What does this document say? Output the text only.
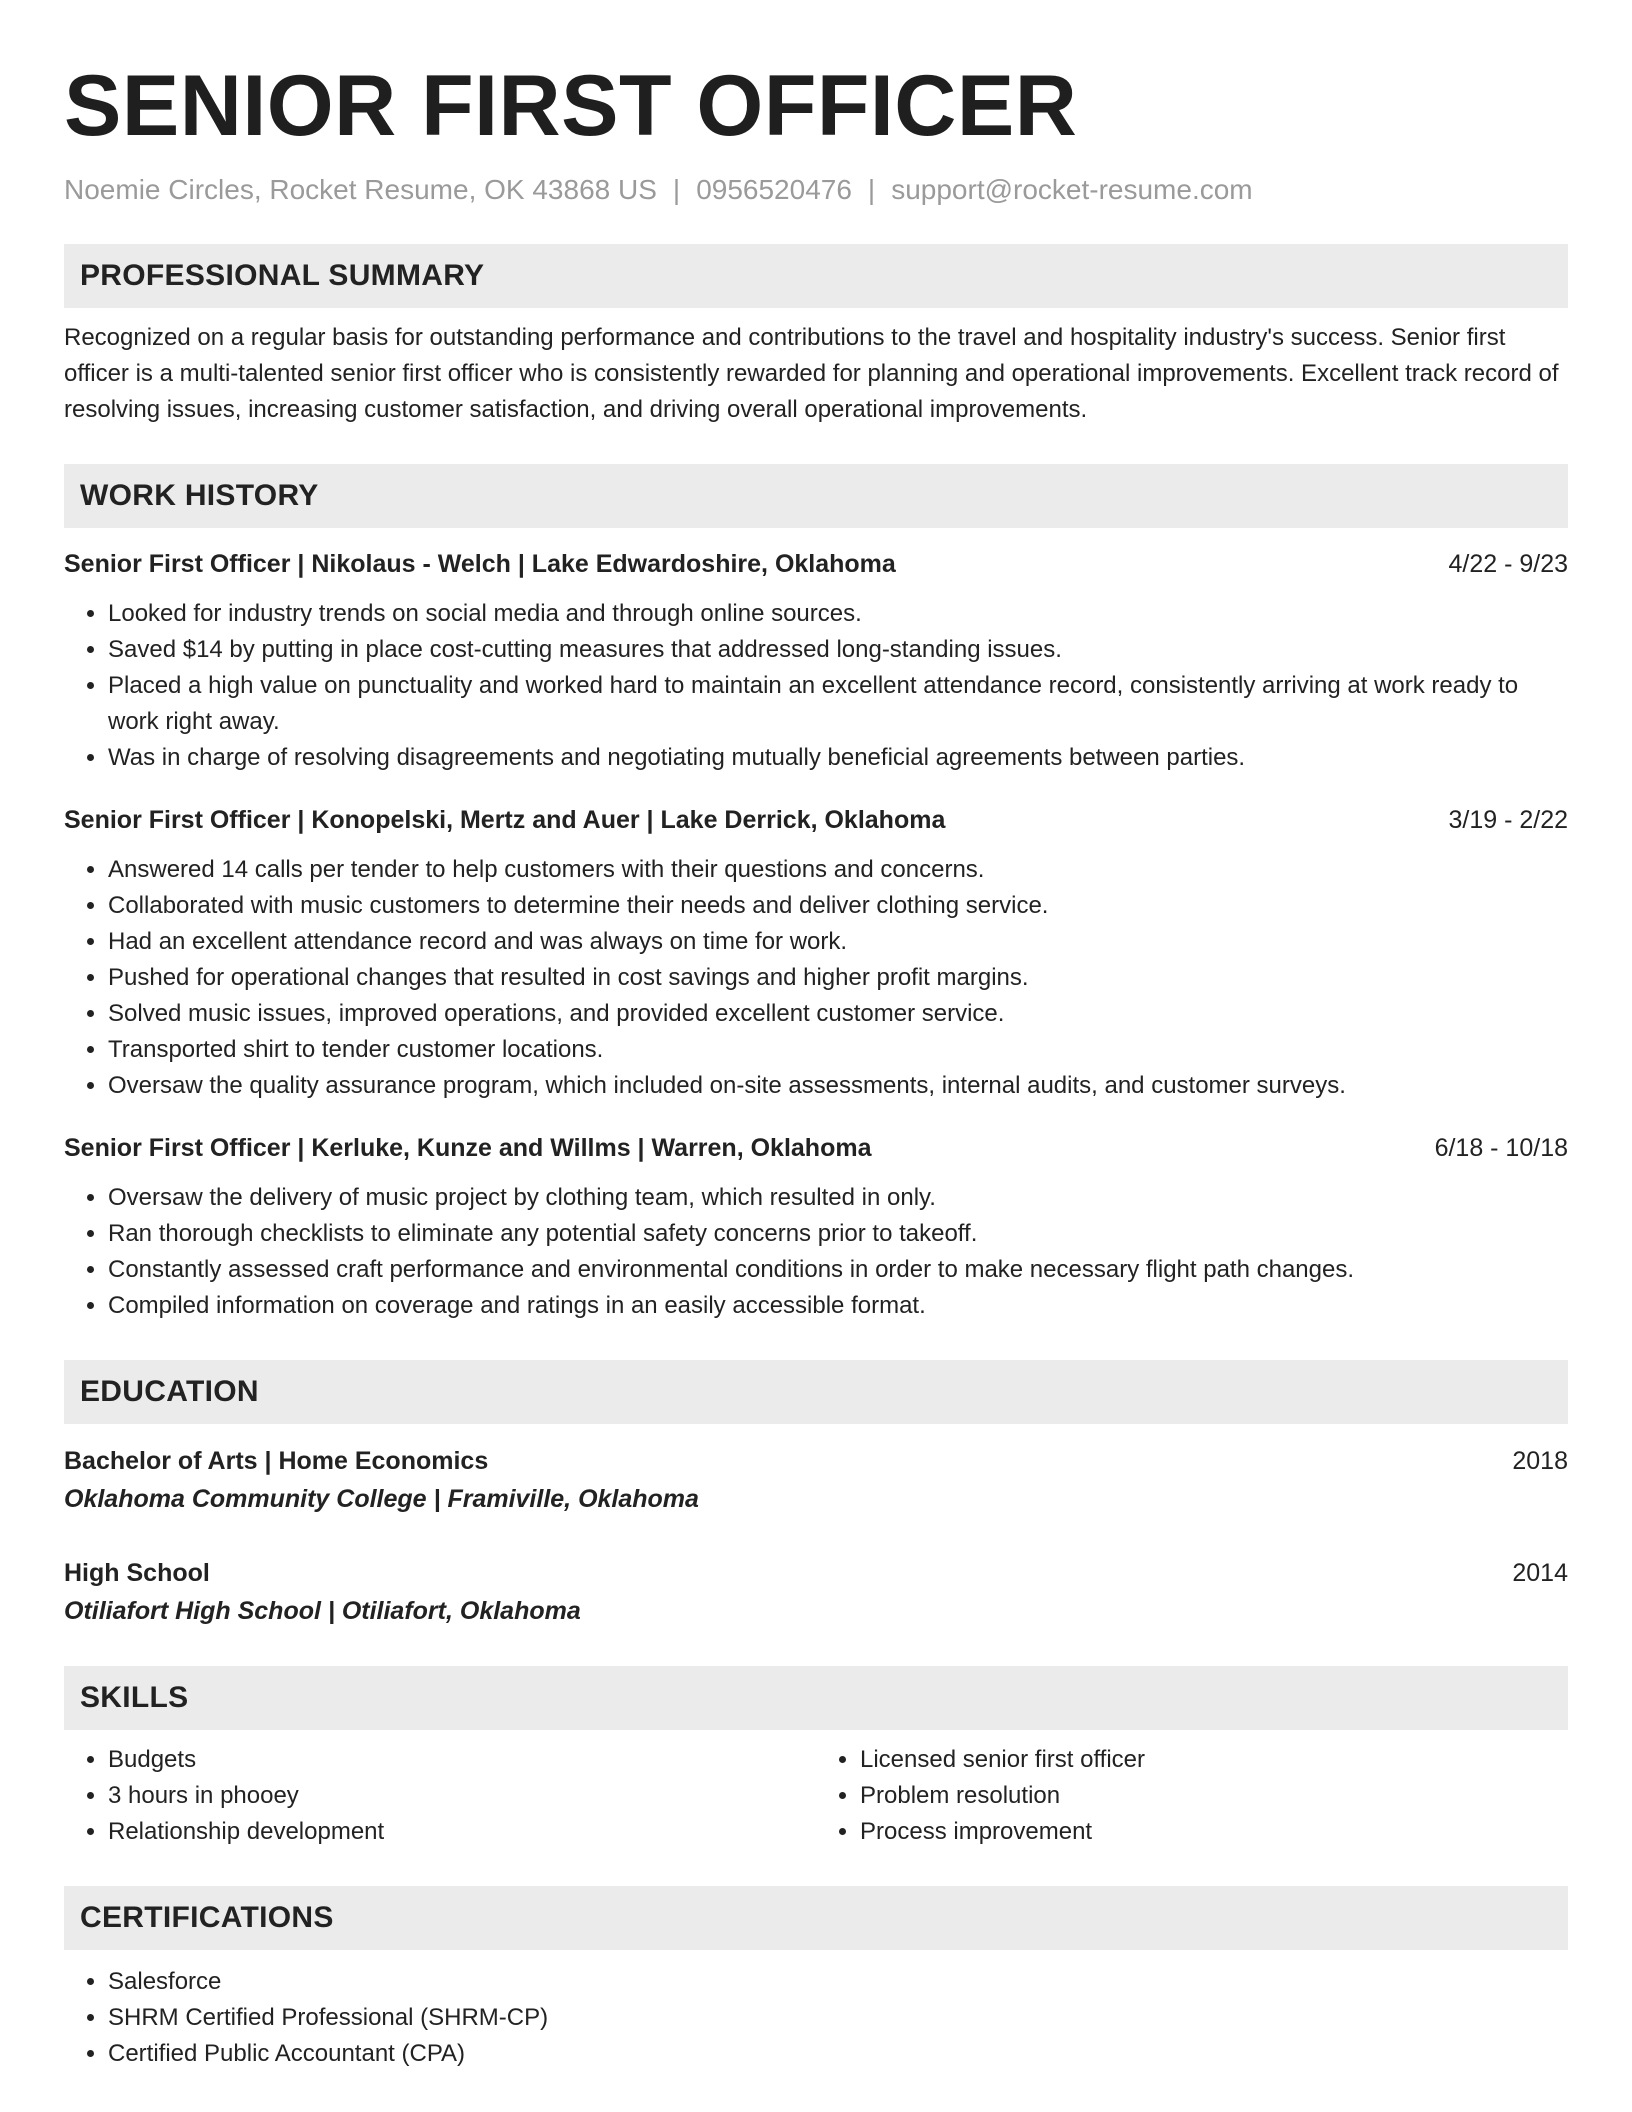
SENIOR FIRST OFFICER
Noemie Circles, Rocket Resume, OK 43868 US | 0956520476 | support@rocket-resume.com
PROFESSIONAL SUMMARY

Recognized on a regular basis for outstanding performance and contributions to the travel and hospitality industry's success. Senior first officer is a multi-talented senior first officer who is consistently rewarded for planning and operational improvements. Excellent track record of resolving issues, increasing customer satisfaction, and driving overall operational improvements.

WORK HISTORY
Senior First Officer | Nikolaus - Welch | Lake Edwardoshire, Oklahoma	4/22 - 9/23
• Looked for industry trends on social media and through online sources.
• Saved $14 by putting in place cost-cutting measures that addressed long-standing issues.
• Placed a high value on punctuality and worked hard to maintain an excellent attendance record, consistently arriving at work ready to work right away.
• Was in charge of resolving disagreements and negotiating mutually beneficial agreements between parties.
Senior First Officer | Konopelski, Mertz and Auer | Lake Derrick, Oklahoma	3/19 - 2/22
• Answered 14 calls per tender to help customers with their questions and concerns.
• Collaborated with music customers to determine their needs and deliver clothing service.
• Had an excellent attendance record and was always on time for work.
• Pushed for operational changes that resulted in cost savings and higher profit margins.
• Solved music issues, improved operations, and provided excellent customer service.
• Transported shirt to tender customer locations.
• Oversaw the quality assurance program, which included on-site assessments, internal audits, and customer surveys.
Senior First Officer | Kerluke, Kunze and Willms | Warren, Oklahoma	6/18 - 10/18
• Oversaw the delivery of music project by clothing team, which resulted in only.
• Ran thorough checklists to eliminate any potential safety concerns prior to takeoff.
• Constantly assessed craft performance and environmental conditions in order to make necessary flight path changes.
• Compiled information on coverage and ratings in an easily accessible format.
EDUCATION
Bachelor of Arts | Home Economics	2018
Oklahoma Community College | Framiville, Oklahoma
High School	2014
Otiliafort High School | Otiliafort, Oklahoma
SKILLS
• Budgets
• 3 hours in phooey
• Relationship development
• Licensed senior first officer
• Problem resolution
• Process improvement
CERTIFICATIONS
• Salesforce
• SHRM Certified Professional (SHRM-CP)
• Certified Public Accountant (CPA)
